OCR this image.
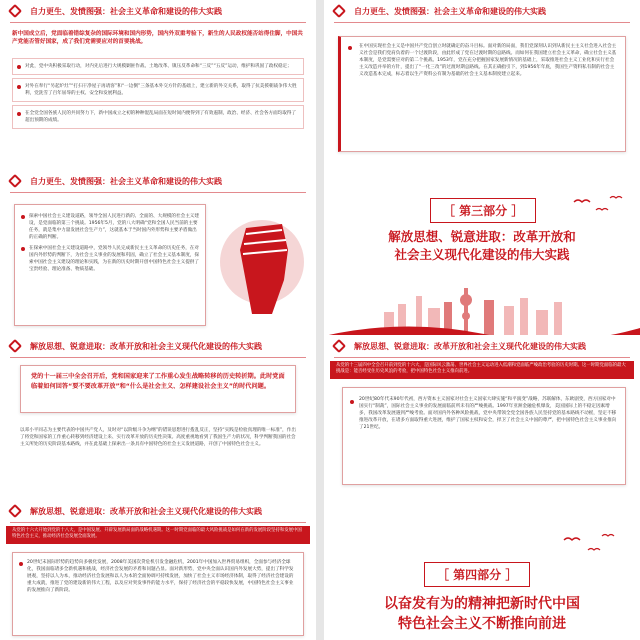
自力更生、发愤图强：社会主义革命和建设的伟大实践
新中国成立后，党面临着错综复杂的国际环境和国内形势，国内外双重考验下，新生的人民政权能否站得住脚，中国共产党能否管好国家，成了我们党需要应对的首要挑战。
对此，党中央积极采取行动，对内先后进行大规模剿匪作战、土地改革、镇压反革命和“三反”“五反”运动，维护和巩固了政权稳定；
对外在奉行“另起炉灶”“打扫干净屋子再请客”和“一边倒”三条基本外交方针的基础上，建立新的外交关系，取得了抗美援朝战争伟大胜利，党洗雪了百年屈辱的主权、安全和发展利益。
在全党全国各族人民的共同努力下，新中国成立之初的种种混乱局面在短时间内便得到了有效遏制，政治、经济、社会各方面均取得了超出预期的成绩。
自力更生、发愤图强：社会主义革命和建设的伟大实践
在中国实现社会主义是中国共产党自创立时就确定的奋斗目标。面对新的局面，我们党深刻认识到从新民主主义社会进入社会主义社会是我们党肩负着的一个过渡阶段，由此形成了党在过渡时期的总路线。而如何在我国建立社会主义革命，确立社会主义基本制度，是党需要应对的第二个挑战。1953年，党在充分把握国家发展新情况的基础上，采取推进社会主义工业化和实行社会主义改造并举的方针，提出了“一化三改”的过渡时期总路线。在其正确指引下，到1956年年底，我国生产资料私有制的社会主义改造基本完成，标志着以生产资料公有制为基础的社会主义基本制度建立起来。
自力更生、发愤图强：社会主义革命和建设的伟大实践
探索中国社会主义建设道路，领导全国人民进行新的、全面的、大规模的社会主义建设，是党面临的第三个挑战。1956年5月，党的八大明确“党和全国人民当前的主要任务，就是集中力量发展社会生产力”，这就基本于当时国内外形势和主要矛盾做出的正确的判断。
在探索中国社会主义建设道路中，党领导人民完成新民主主义革命的历史任务，在对国内外形势的判断下，为社会主义事业的发展和巩固，确立了社会主义基本制度，探索中国社会主义建设的理论和实践，为在新的历史时期开创中国特色社会主义提供了宝贵经验、理论准备、物质基础。
［ 第三部分 ］
解放思想、锐意进取：改革开放和
社会主义现代化建设的伟大实践
解放思想、锐意进取：改革开放和社会主义现代化建设的伟大实践
党的十一届三中全会召开后，党和国家迎来了工作重心发生战略转移的历史转折期。此时党面临着如何回答“要不要改革开放”和“什么是社会主义、怎样建设社会主义”的时代问题。
以邓小平同志为主要代表的中国共产党人，及时对“以阶级斗争为纲”的错误思想进行拨乱反正，坚持“实践是检验真理的唯一标准”，作出了将党和国家的工作重心转移到经济建设上来、实行改革开放的历史性决策。高度重视地看到了我国生产力的状况，科学判断我国的社会主义所处的历史阶段基本路线，并在此基础上探索出一条具有中国特色的社会主义发展道路，开创了中国特色社会主义。
解放思想、锐意进取：改革开放和社会主义现代化建设的伟大实践
从党的十三届四中全会召开前到党的十六大，是国际风云激荡、世界社会主义运动进入低潮和党面临严峻政治考验的历史时期。这一时期党面临的最大挑战是：能否经受住历史风浪的考验，把中国特色社会主义推向前进。
20世纪80年代末90年代初，西方资本主义国家对社会主义国家大肆实施“和平演变”战略，苏联解体，东欧剧变，西方国家对中国实行“制裁”，国际社会主义事业的发展面临前所未有的严峻挑战。1997年亚洲金融危机爆发，美国国际上的不稳定因素增多，我国改革发展遇到严峻考验。面对国内外各种风险挑战，党中央带领全党全国各族人民坚持党的基本路线不动摇，坚定不移推进改革开放，在诸多方面取得重大进展，维护了国家主权和安全，捍卫了社会主义中国的尊严，把中国特色社会主义事业推向了21世纪。
解放思想、锐意进取：改革开放和社会主义现代化建设的伟大实践
从党的十六大开始到党的十八大，是中国发展、开辟发展新局面的战略机遇期。这一时期党面临的最大风险挑战是如何在新的发展阶段坚持和发展中国特色社会主义，推动经济社会发展全面发展。
20世纪末国际形势的趋势向多极化发展，2008年美国次贷危机引发金融危机，2001年中国加入世界贸易组织，全面参与经济全球化，我国面临诸多全新机遇和挑战，经济社会发展的矛盾和问题凸显。面对新形势，党中央全面认识国内外发展大势，提出了科学发展观，坚持以人为本，推动经济社会发展和以人为本的全面协调可持续发展，加快了社会主义市场经济体制，取得了经济社会建设的重大成就，推进了党的建设新的伟大工程，以及应对突发事件的能力水平，保持了经济社会的平稳较快发展，中国特色社会主义事业的发展推向了新阶段。
［ 第四部分 ］
以奋发有为的精神把新时代中国
特色社会主义不断推向前进
